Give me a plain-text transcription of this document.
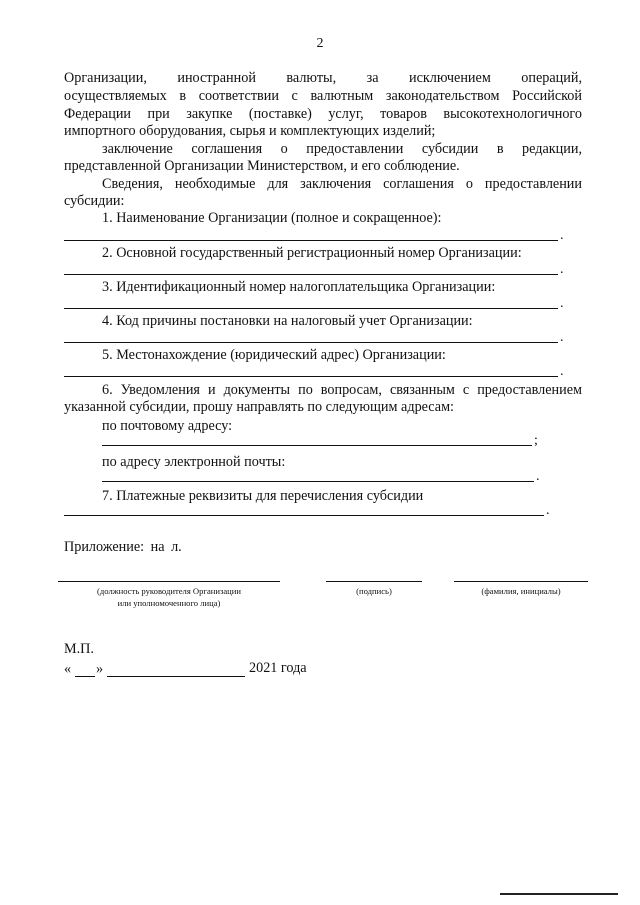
2
Организации, иностранной валюты, за исключением операций,
осуществляемых в соответствии с валютным законодательством Российской
Федерации при закупке (поставке) услуг, товаров высокотехнологичного
импортного оборудования, сырья и комплектующих изделий;
заключение соглашения о предоставлении субсидии в редакции,
представленной Организации Министерством, и его соблюдение.
Сведения, необходимые для заключения соглашения о предоставлении
субсидии:
1. Наименование Организации (полное и сокращенное):
.
2. Основной государственный регистрационный номер Организации:
.
3. Идентификационный номер налогоплательщика Организации:
.
4. Код причины постановки на налоговый учет Организации:
.
5. Местонахождение (юридический адрес) Организации:
.
6. Уведомления и документы по вопросам, связанным с предоставлением
указанной субсидии, прошу направлять по следующим адресам:
по почтовому адресу:
;
по адресу электронной почты:
.
7. Платежные реквизиты для перечисления субсидии
.
Приложение: на л.
(должность руководителя Организации
или уполномоченного лица)
(подпись)	(фамилия, инициалы)
М.П.
« »	2021 года
